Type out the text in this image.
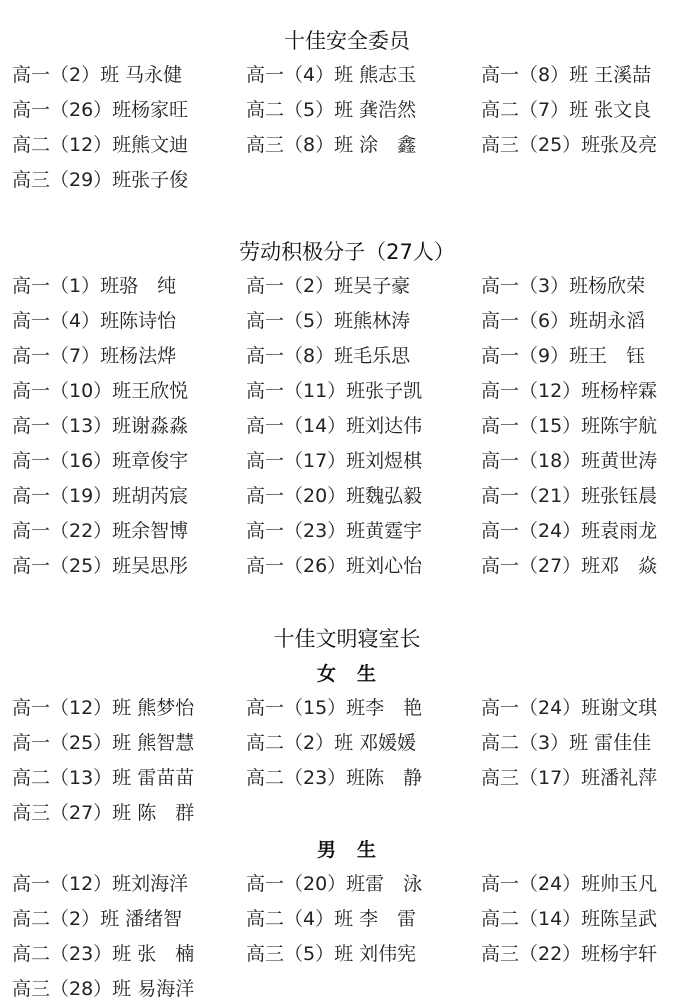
十佳安全委员
高一（2）班 马永健	高一（4）班 熊志玉	高一（8）班 王溪喆
高一（26）班杨家旺	高二（5）班 龚浩然	高二（7）班 张文良
高二（12）班熊文迪	高三（8）班 涂　鑫	高三（25）班张及亮
高三（29）班张子俊
劳动积极分子（27人）
高一（1）班骆　纯	高一（2）班吴子豪	高一（3）班杨欣荣
高一（4）班陈诗怡	高一（5）班熊林涛	高一（6）班胡永滔
高一（7）班杨法烨	高一（8）班毛乐思	高一（9）班王　钰
高一（10）班王欣悦	高一（11）班张子凯	高一（12）班杨梓霖
高一（13）班谢淼淼	高一（14）班刘达伟	高一（15）班陈宇航
高一（16）班章俊宇	高一（17）班刘煜棋	高一（18）班黄世涛
高一（19）班胡芮宸	高一（20）班魏弘毅	高一（21）班张钰晨
高一（22）班余智博	高一（23）班黄霆宇	高一（24）班袁雨龙
高一（25）班吴思彤	高一（26）班刘心怡	高一（27）班邓　焱
十佳文明寝室长
女　生
高一（12）班 熊梦怡	高一（15）班李　艳	高一（24）班谢文琪
高一（25）班 熊智慧	高二（2）班 邓媛媛	高二（3）班 雷佳佳
高二（13）班 雷苗苗	高二（23）班陈　静	高三（17）班潘礼萍
高三（27）班 陈　群
男　生
高一（12）班刘海洋	高一（20）班雷　泳	高一（24）班帅玉凡
高二（2）班 潘绪智	高二（4）班 李　雷	高二（14）班陈呈武
高二（23）班 张　楠	高三（5）班 刘伟宪	高三（22）班杨宇轩
高三（28）班 易海洋
